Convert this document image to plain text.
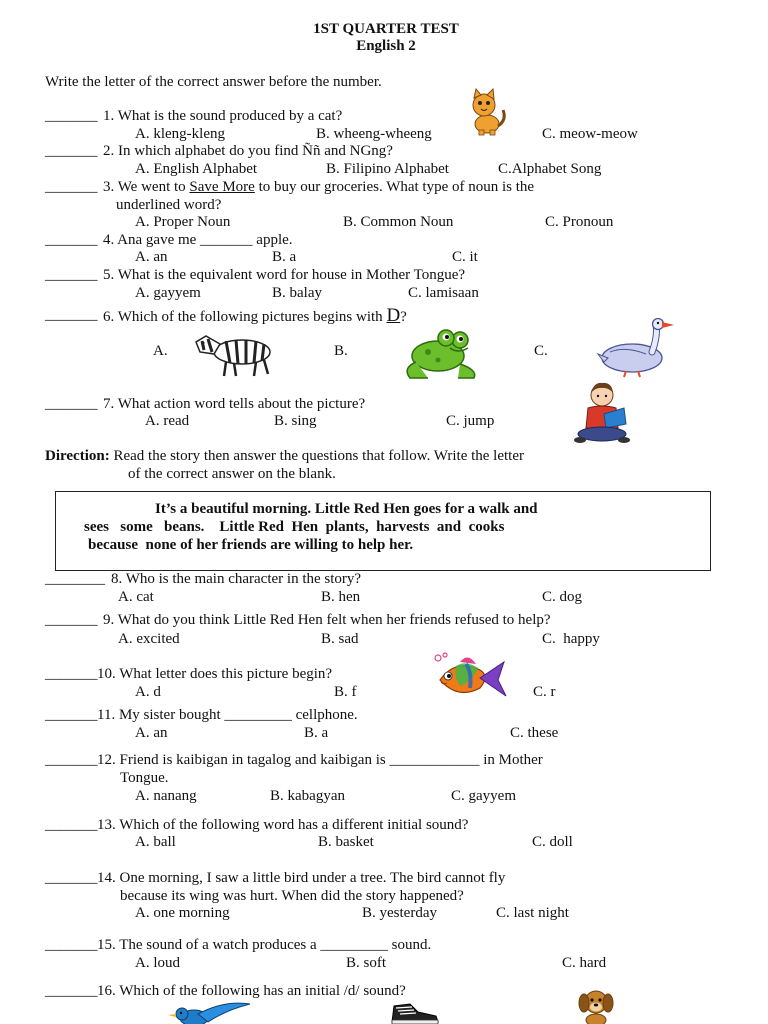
1ST QUARTER TEST
English 2
Write the letter of the correct answer before the number.
_______ 1. What is the sound produced by a cat?
A. kleng-kleng	B. wheeng-wheeng	C. meow-meow
_______ 2. In which alphabet do you find Ññ and NGng?
A. English Alphabet	B. Filipino Alphabet	C.Alphabet Song
_______ 3. We went to Save More to buy our groceries. What type of noun is the
underlined word?
A. Proper Noun	B. Common Noun	C. Pronoun
_______ 4. Ana gave me _______ apple.
A. an	B. a	C. it
_______ 5. What is the equivalent word for house in Mother Tongue?
A. gayyem	B. balay	C. lamisaan
_______ 6. Which of the following pictures begins with D?
A.	B.	C.
_______ 7. What action word tells about the picture?
A. read	B. sing	C. jump
Direction: Read the story then answer the questions that follow. Write the letter
of the correct answer on the blank.
It’s a beautiful morning. Little Red Hen goes for a walk and
sees   some   beans.    Little Red  Hen  plants,  harvests  and  cooks
because  none of her friends are willing to help her.
________ 8. Who is the main character in the story?
A. cat	B. hen	C. dog
_______ 9. What do you think Little Red Hen felt when her friends refused to help?
A. excited	B. sad	C.  happy
_______ 10. What letter does this picture begin?
A. d	B. f	C. r
_______ 11. My sister bought _________ cellphone.
A. an	B. a	C. these
_______ 12. Friend is kaibigan in tagalog and kaibigan is ____________ in Mother
Tongue.
A. nanang	B. kabagyan	C. gayyem
_______ 13. Which of the following word has a different initial sound?
A. ball	B. basket	C. doll
_______ 14. One morning, I saw a little bird under a tree. The bird cannot fly
because its wing was hurt. When did the story happened?
A. one morning	B. yesterday	C. last night
_______ 15. The sound of a watch produces a _________ sound.
A. loud	B. soft	C. hard
_______ 16. Which of the following has an initial /d/ sound?
